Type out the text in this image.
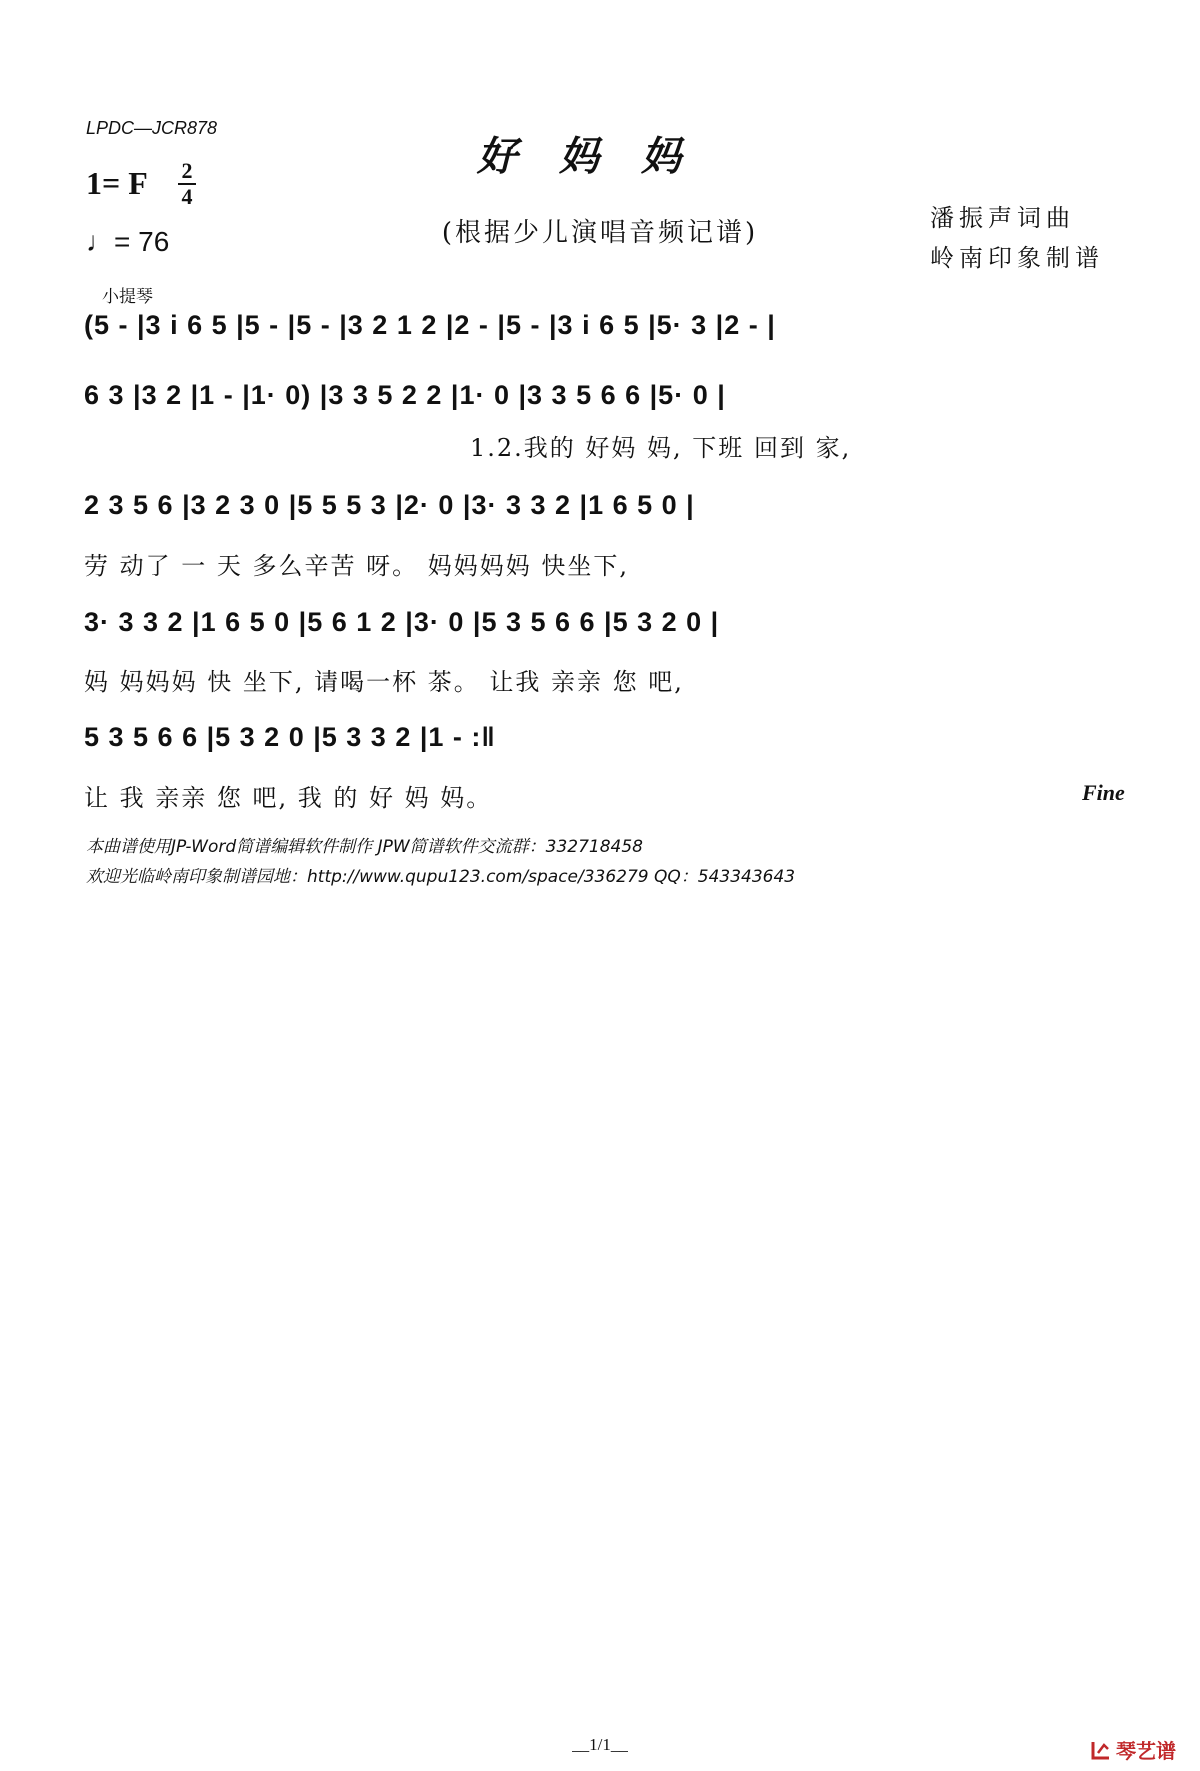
LPDC—JCR878
好妈妈
1= F 2
4
♩= 76	(根据少儿演唱音频记谱)	潘振声词曲
岭南印象制谱
小提琴
(5 - |3 i 6 5 |5 - |5 - |3 2 1 2 |2 - |5 - |3 i 6 5 |5· 3 |2 - |
6 3 |3 2 |1 - |1· 0) |3 3 5 2 2 |1· 0 |3 3 5 6 6 |5· 0 |
1.2.我的 好妈 妈, 下班 回到 家,
2 3 5 6 |3 2 3 0 |5 5 5 3 |2· 0 |3· 3 3 2 |1 6 5 0 |
劳 动了 一 天 多么辛苦 呀。 妈妈妈妈 快坐下,
3· 3 3 2 |1 6 5 0 |5 6 1 2 |3· 0 |5 3 5 6 6 |5 3 2 0 |
妈 妈妈妈 快 坐下, 请喝一杯 茶。 让我 亲亲 您 吧,
5 3 5 6 6 |5 3 2 0 |5 3 3 2 |1 - :‖
让 我 亲亲 您 吧, 我 的 好 妈 妈。	Fine
本曲谱使用JP-Word简谱编辑软件制作 JPW简谱软件交流群：332718458
欢迎光临岭南印象制谱园地：http://www.qupu123.com/space/336279 QQ：543343643
__1/1__	琴艺谱
